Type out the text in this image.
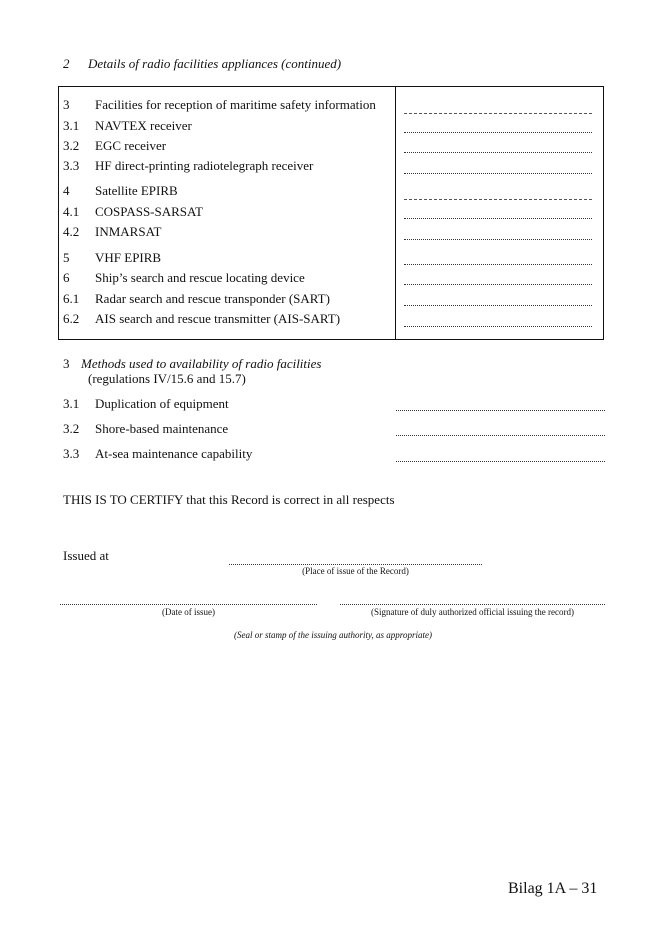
2 Details of radio facilities appliances (continued)
3 Facilities for reception of maritime safety information
3.1 NAVTEX receiver
3.2 EGC receiver
3.3 HF direct-printing radiotelegraph receiver
4 Satellite EPIRB
4.1 COSPASS-SARSAT
4.2 INMARSAT
5 VHF EPIRB
6 Ship’s search and rescue locating device
6.1 Radar search and rescue transponder (SART)
6.2 AIS search and rescue transmitter (AIS-SART)
3 Methods used to availability of radio facilities
(regulations IV/15.6 and 15.7)
3.1 Duplication of equipment
3.2 Shore-based maintenance
3.3 At-sea maintenance capability
THIS IS TO CERTIFY that this Record is correct in all respects
Issued at
(Place of issue of the Record)
(Date of issue)	(Signature of duly authorized official issuing the record)
(Seal or stamp of the issuing authority, as appropriate)
Bilag 1A – 31
